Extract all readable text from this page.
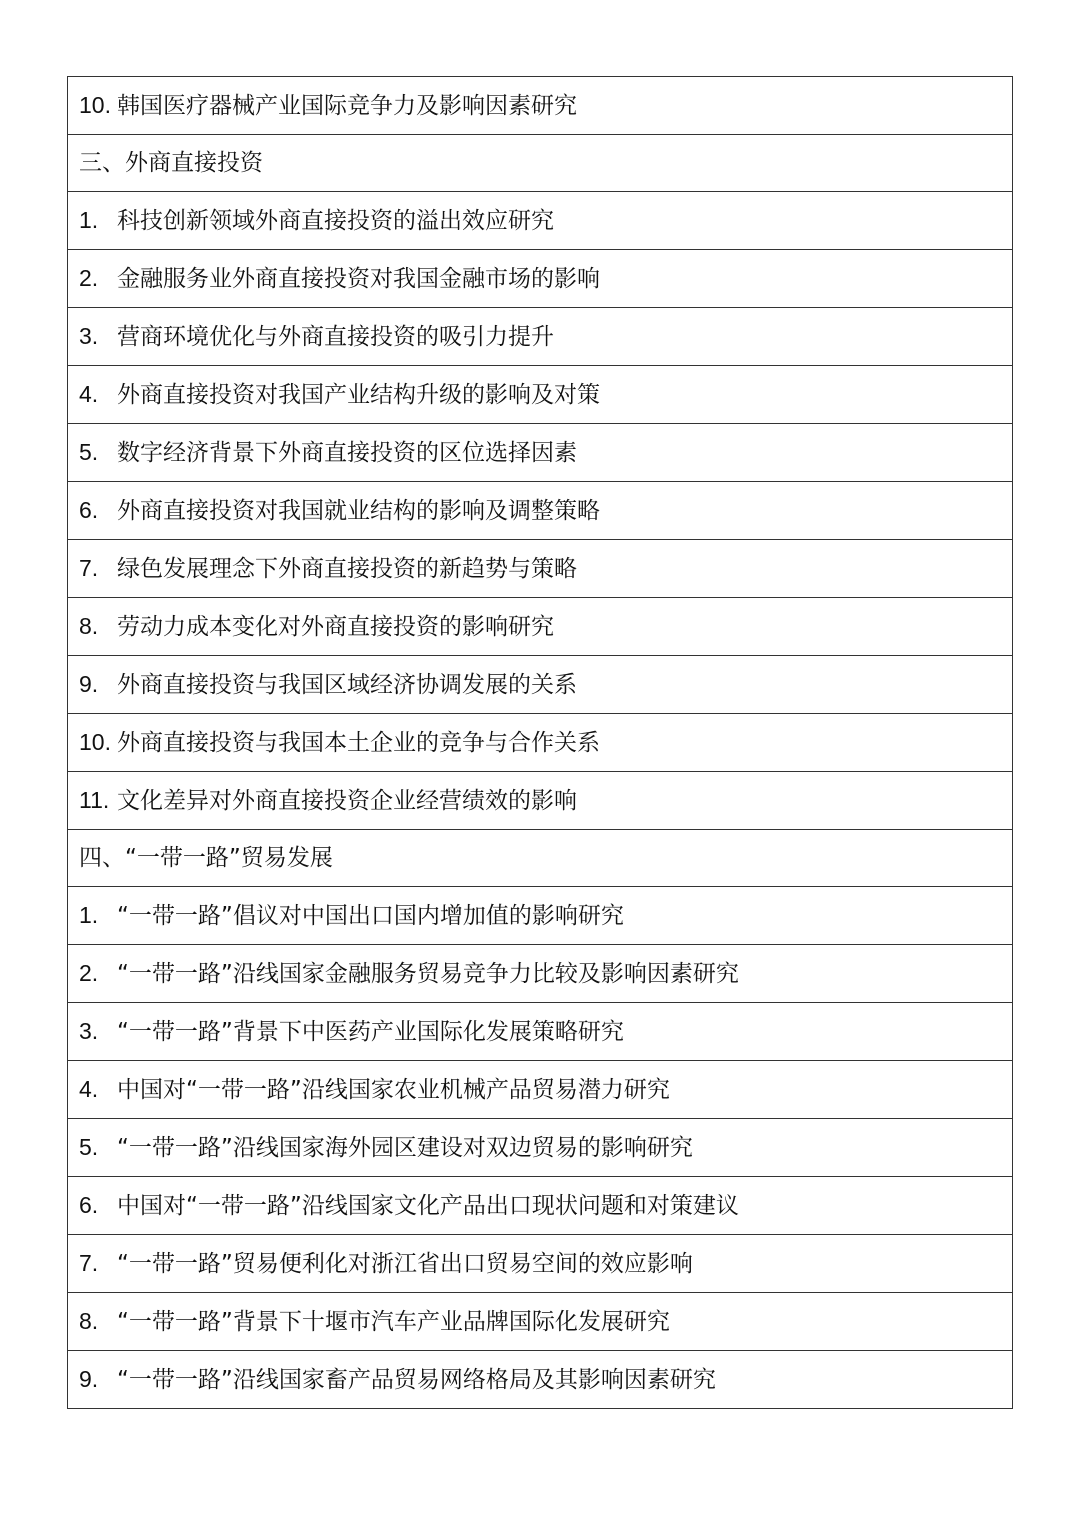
10. 韩国医疗器械产业国际竞争力及影响因素研究
三、外商直接投资
1. 科技创新领域外商直接投资的溢出效应研究
2. 金融服务业外商直接投资对我国金融市场的影响
3. 营商环境优化与外商直接投资的吸引力提升
4. 外商直接投资对我国产业结构升级的影响及对策
5. 数字经济背景下外商直接投资的区位选择因素
6. 外商直接投资对我国就业结构的影响及调整策略
7. 绿色发展理念下外商直接投资的新趋势与策略
8. 劳动力成本变化对外商直接投资的影响研究
9. 外商直接投资与我国区域经济协调发展的关系
10. 外商直接投资与我国本土企业的竞争与合作关系
11. 文化差异对外商直接投资企业经营绩效的影响
四、“一带一路”贸易发展
1. “一带一路”倡议对中国出口国内增加值的影响研究
2. “一带一路”沿线国家金融服务贸易竞争力比较及影响因素研究
3. “一带一路”背景下中医药产业国际化发展策略研究
4. 中国对“一带一路”沿线国家农业机械产品贸易潜力研究
5. “一带一路”沿线国家海外园区建设对双边贸易的影响研究
6. 中国对“一带一路”沿线国家文化产品出口现状问题和对策建议
7. “一带一路”贸易便利化对浙江省出口贸易空间的效应影响
8. “一带一路”背景下十堰市汽车产业品牌国际化发展研究
9. “一带一路”沿线国家畜产品贸易网络格局及其影响因素研究
